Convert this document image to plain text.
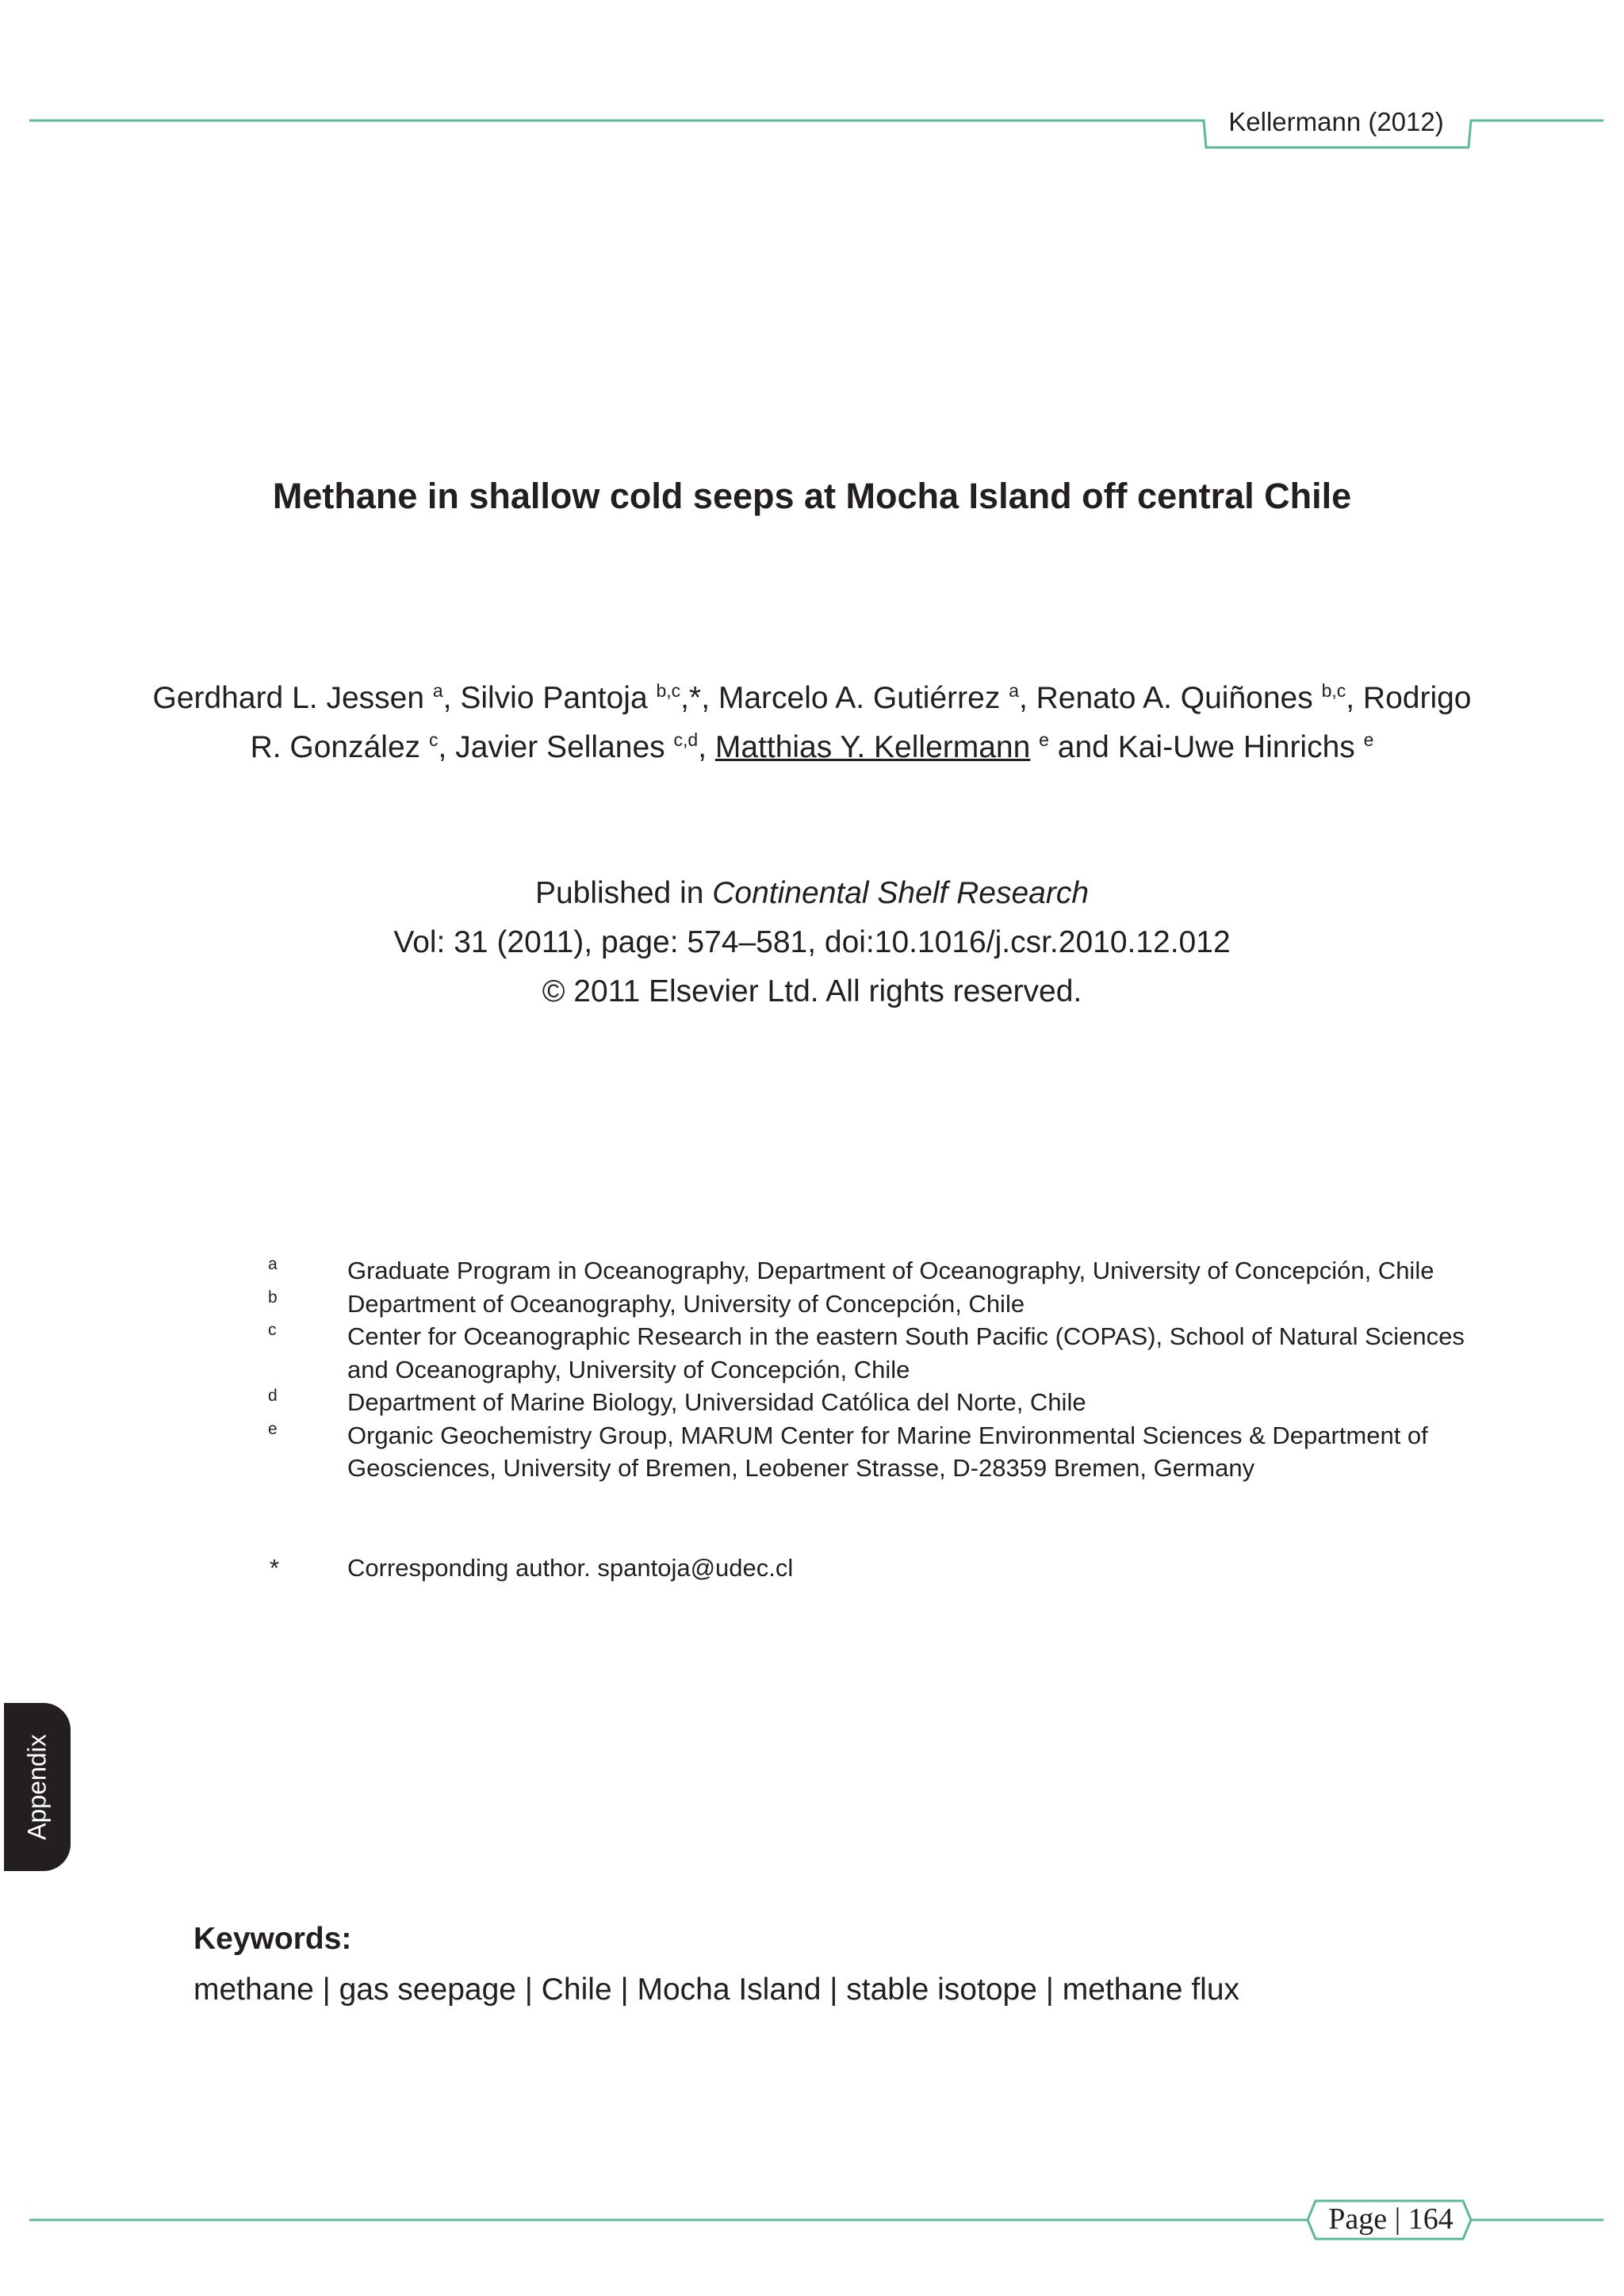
Kellermann (2012)
Methane in shallow cold seeps at Mocha Island off central Chile
Gerdhard L. Jessen $^a$, Silvio Pantoja $^{b,c}$,*, Marcelo A. Gutiérrez $^a$, Renato A. Quiñones $^{b,c}$, Rodrigo
R. González $^c$, Javier Sellanes $^{c,d}$, Matthias Y. Kellermann $^e$ and Kai-Uwe Hinrichs $^e$
Published in Continental Shelf Research
Vol: 31 (2011), page: 574–581, doi:10.1016/j.csr.2010.12.012
© 2011 Elsevier Ltd. All rights reserved.
a	Graduate Program in Oceanography, Department of Oceanography, University of Concepción, Chile
b	Department of Oceanography, University of Concepción, Chile
c	Center for Oceanographic Research in the eastern South Pacific (COPAS), School of Natural Sciences
and Oceanography, University of Concepción, Chile
d	Department of Marine Biology, Universidad Católica del Norte, Chile
e	Organic Geochemistry Group, MARUM Center for Marine Environmental Sciences & Department of
Geosciences, University of Bremen, Leobener Strasse, D-28359 Bremen, Germany
*	Corresponding author. spantoja@udec.cl
Appendix
Keywords:
methane | gas seepage | Chile | Mocha Island | stable isotope | methane flux
Page | 164
